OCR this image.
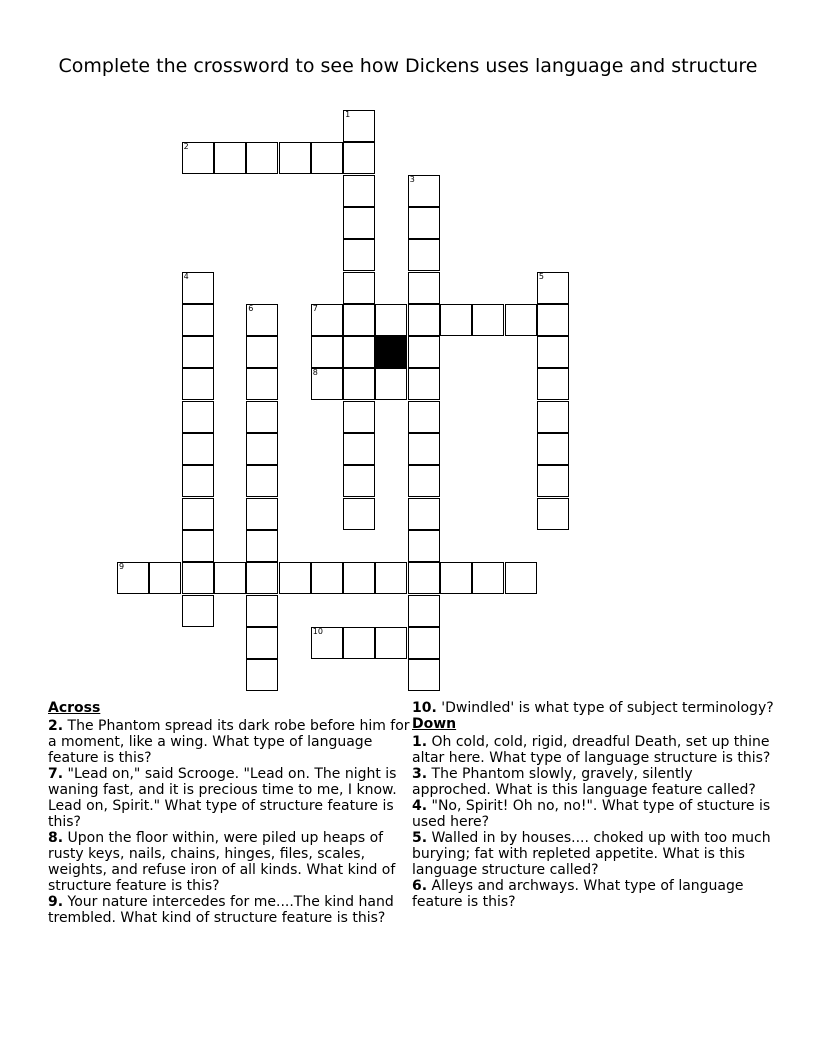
Complete the crossword to see how Dickens uses language and structure
1
2
3
4	5
6	7
8
9
10
Across

2. The Phantom spread its dark robe before him for a moment, like a wing. What type of language feature is this?

7. "Lead on," said Scrooge. "Lead on. The night is waning fast, and it is precious time to me, I know. Lead on, Spirit." What type of structure feature is this?

8. Upon the floor within, were piled up heaps of rusty keys, nails, chains, hinges, files, scales, weights, and refuse iron of all kinds. What kind of structure feature is this?

9. Your nature intercedes for me....The kind hand trembled. What kind of structure feature is this?

10. 'Dwindled' is what type of subject terminology?

Down

1. Oh cold, cold, rigid, dreadful Death, set up thine altar here. What type of language structure is this?

3. The Phantom slowly, gravely, silently approched. What is this language feature called?

4. "No, Spirit! Oh no, no!". What type of stucture is used here?

5. Walled in by houses.... choked up with too much burying; fat with repleted appetite. What is this language structure called?

6. Alleys and archways. What type of language feature is this?
